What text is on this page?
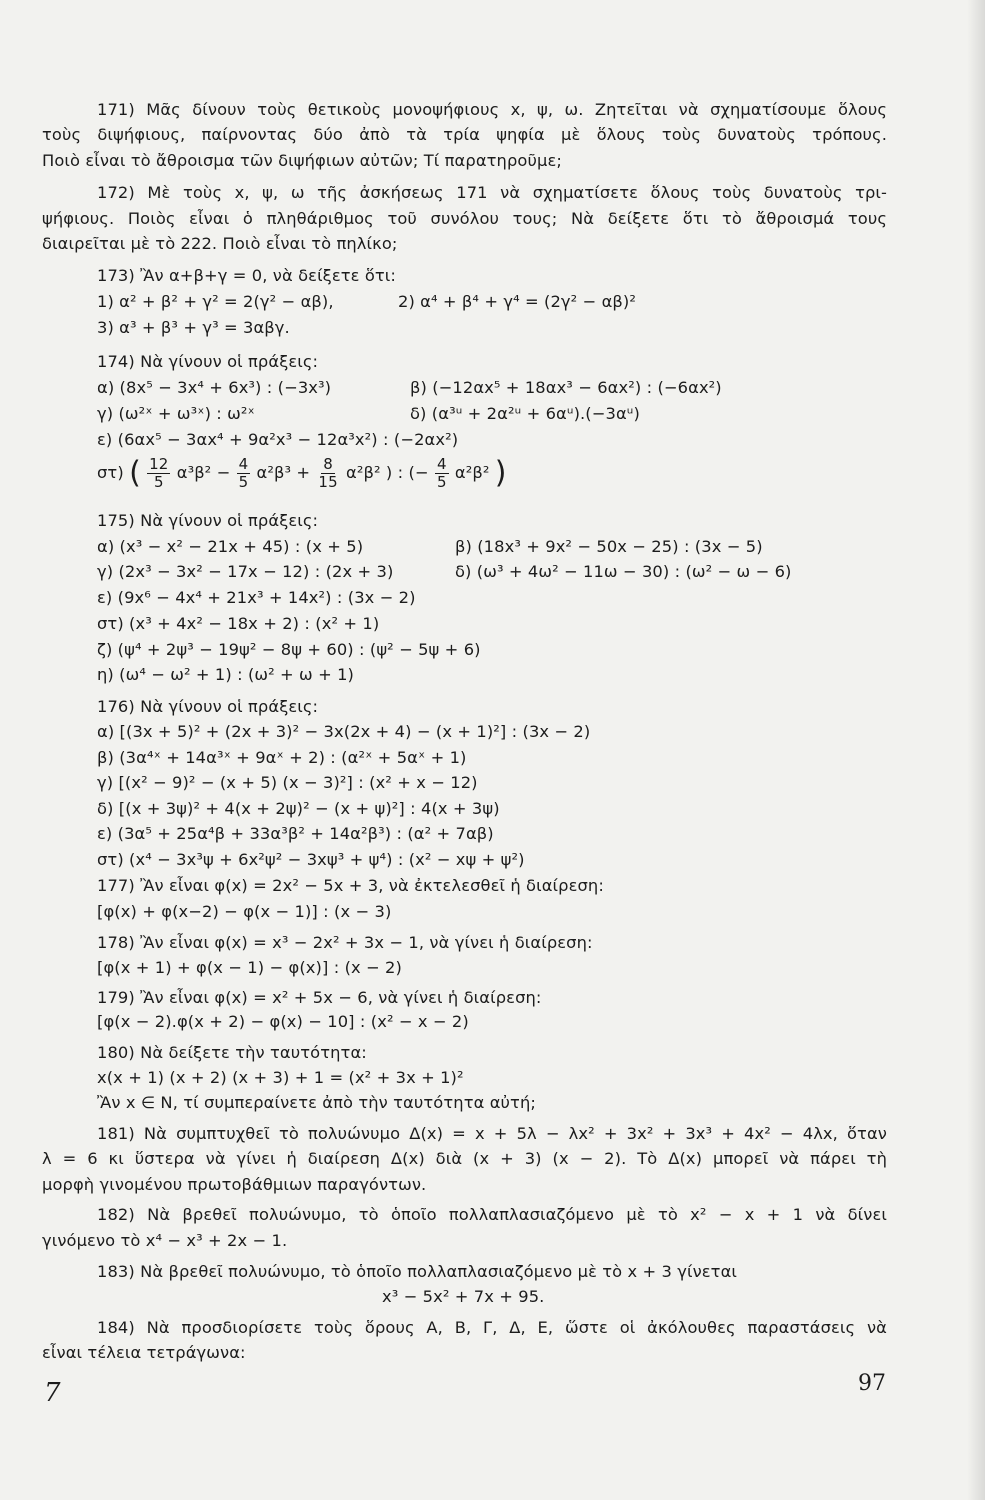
171) Μᾶς δίνουν τοὺς θετικοὺς μονοψήφιους x, ψ, ω. Ζητεῖται νὰ σχηματίσουμε ὅλους
τοὺς διψήφιους, παίρνοντας δύο ἀπὸ τὰ τρία ψηφία μὲ ὅλους τοὺς δυνατοὺς τρόπους.
Ποιὸ εἶναι τὸ ἄθροισμα τῶν διψήφιων αὐτῶν; Τί παρατηροῦμε;
172) Μὲ τοὺς x, ψ, ω τῆς ἀσκήσεως 171 νὰ σχηματίσετε ὅλους τοὺς δυνατοὺς τρι-
ψήφιους. Ποιὸς εἶναι ὁ πληθάριθμος τοῦ συνόλου τους; Νὰ δείξετε ὅτι τὸ ἄθροισμά τους
διαιρεῖται μὲ τὸ 222. Ποιὸ εἶναι τὸ πηλίκο;
173) Ἂν α+β+γ = 0, νὰ δείξετε ὅτι:
1) α² + β² + γ² = 2(γ² − αβ),	2) α⁴ + β⁴ + γ⁴ = (2γ² − αβ)²
3) α³ + β³ + γ³ = 3αβγ.
174) Νὰ γίνουν οἱ πράξεις:
α) (8x⁵ − 3x⁴ + 6x³) : (−3x³)	β) (−12αx⁵ + 18αx³ − 6αx²) : (−6αx²)
γ) (ω²ˣ + ω³ˣ) : ω²ˣ	δ) (α³ᵘ + 2α²ᵘ + 6αᵘ).(−3αᵘ)
ε) (6αx⁵ − 3αx⁴ + 9α²x³ − 12α³x²) : (−2αx²)
στ) ( $\frac{12}{5} \alpha^3\beta^2 - \frac{4}{5} \alpha^2\beta^3 + \frac{8}{15} \alpha^2\beta^2$ ) : (− $\frac{4}{5} \alpha^2\beta^2$ )
175) Νὰ γίνουν οἱ πράξεις:
α) (x³ − x² − 21x + 45) : (x + 5)	β) (18x³ + 9x² − 50x − 25) : (3x − 5)
γ) (2x³ − 3x² − 17x − 12) : (2x + 3)	δ) (ω³ + 4ω² − 11ω − 30) : (ω² − ω − 6)
ε) (9x⁶ − 4x⁴ + 21x³ + 14x²) : (3x − 2)
στ) (x³ + 4x² − 18x + 2) : (x² + 1)
ζ) (ψ⁴ + 2ψ³ − 19ψ² − 8ψ + 60) : (ψ² − 5ψ + 6)
η) (ω⁴ − ω² + 1) : (ω² + ω + 1)
176) Νὰ γίνουν οἱ πράξεις:
α) [(3x + 5)² + (2x + 3)² − 3x(2x + 4) − (x + 1)²] : (3x − 2)
β) (3α⁴ˣ + 14α³ˣ + 9αˣ + 2) : (α²ˣ + 5αˣ + 1)
γ) [(x² − 9)² − (x + 5) (x − 3)²] : (x² + x − 12)
δ) [(x + 3ψ)² + 4(x + 2ψ)² − (x + ψ)²] : 4(x + 3ψ)
ε) (3α⁵ + 25α⁴β + 33α³β² + 14α²β³) : (α² + 7αβ)
στ) (x⁴ − 3x³ψ + 6x²ψ² − 3xψ³ + ψ⁴) : (x² − xψ + ψ²)
177) Ἂν εἶναι φ(x) = 2x² − 5x + 3, νὰ ἐκτελεσθεῖ ἡ διαίρεση:
[φ(x) + φ(x−2) − φ(x − 1)] : (x − 3)
178) Ἂν εἶναι φ(x) = x³ − 2x² + 3x − 1, νὰ γίνει ἡ διαίρεση:
[φ(x + 1) + φ(x − 1) − φ(x)] : (x − 2)
179) Ἂν εἶναι φ(x) = x² + 5x − 6, νὰ γίνει ἡ διαίρεση:
[φ(x − 2).φ(x + 2) − φ(x) − 10] : (x² − x − 2)
180) Νὰ δείξετε τὴν ταυτότητα:
x(x + 1) (x + 2) (x + 3) + 1 = (x² + 3x + 1)²
Ἂν x ∈ N, τί συμπεραίνετε ἀπὸ τὴν ταυτότητα αὐτή;
181) Νὰ συμπτυχθεῖ τὸ πολυώνυμο Δ(x) = x + 5λ − λx² + 3x² + 3x³ + 4x² − 4λx, ὅταν
λ = 6 κι ὕστερα νὰ γίνει ἡ διαίρεση Δ(x) διὰ (x + 3) (x − 2). Τὸ Δ(x) μπορεῖ νὰ πάρει τὴ
μορφὴ γινομένου πρωτοβάθμιων παραγόντων.
182) Νὰ βρεθεῖ πολυώνυμο, τὸ ὁποῖο πολλαπλασιαζόμενο μὲ τὸ x² − x + 1 νὰ δίνει
γινόμενο τὸ x⁴ − x³ + 2x − 1.
183) Νὰ βρεθεῖ πολυώνυμο, τὸ ὁποῖο πολλαπλασιαζόμενο μὲ τὸ x + 3 γίνεται
x³ − 5x² + 7x + 95.
184) Νὰ προσδιορίσετε τοὺς ὅρους Α, Β, Γ, Δ, Ε, ὥστε οἱ ἀκόλουθες παραστάσεις νὰ
εἶναι τέλεια τετράγωνα:
7	97
